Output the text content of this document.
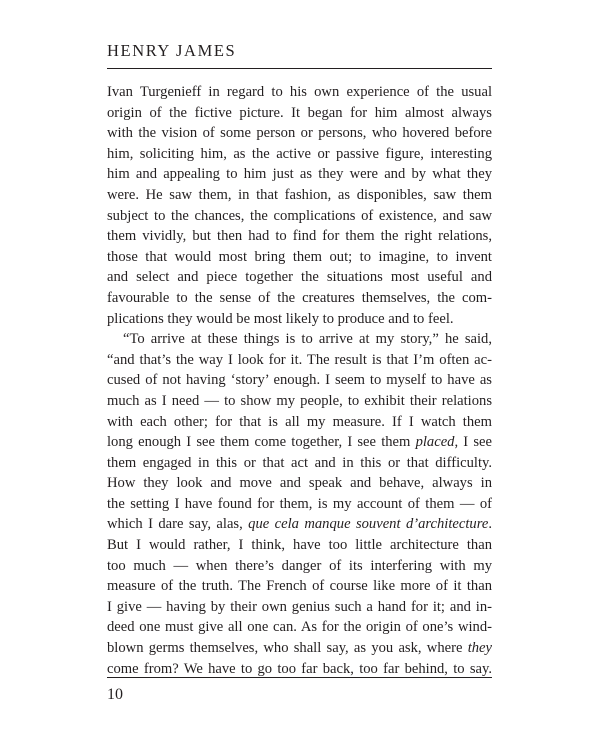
HENRY JAMES
Ivan Turgenieff in regard to his own experience of the usual
origin of the fictive picture. It began for him almost always
with the vision of some person or persons, who hovered before
him, soliciting him, as the active or passive figure, interesting
him and appealing to him just as they were and by what they
were. He saw them, in that fashion, as disponibles, saw them
subject to the chances, the complications of existence, and saw
them vividly, but then had to find for them the right relations,
those that would most bring them out; to imagine, to invent
and select and piece together the situations most useful and
favourable to the sense of the creatures themselves, the com-
plications they would be most likely to produce and to feel.
“To arrive at these things is to arrive at my story,” he said,
“and that’s the way I look for it. The result is that I’m often ac-
cused of not having ‘story’ enough. I seem to myself to have as
much as I need — to show my people, to exhibit their relations
with each other; for that is all my measure. If I watch them
long enough I see them come together, I see them placed, I see
them engaged in this or that act and in this or that difficulty.
How they look and move and speak and behave, always in
the setting I have found for them, is my account of them — of
which I dare say, alas, que cela manque souvent d’architecture.
But I would rather, I think, have too little architecture than
too much — when there’s danger of its interfering with my
measure of the truth. The French of course like more of it than
I give — having by their own genius such a hand for it; and in-
deed one must give all one can. As for the origin of one’s wind-
blown germs themselves, who shall say, as you ask, where they
come from? We have to go too far back, too far behind, to say.
10
